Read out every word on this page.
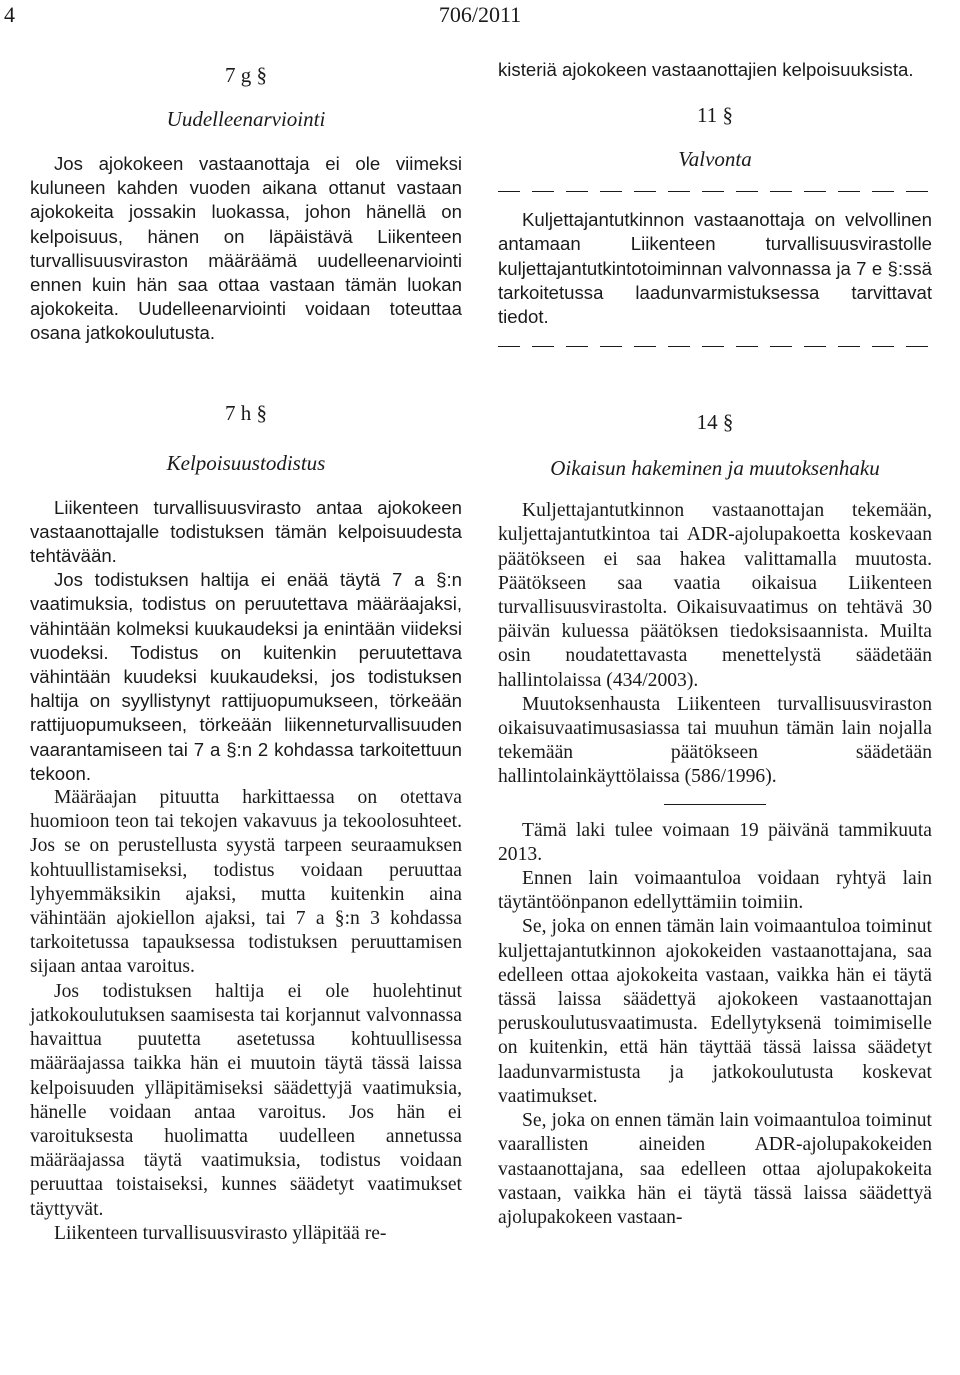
4	706/2011
7 g §
Uudelleenarviointi

Jos ajokokeen vastaanottaja ei ole viimeksi kuluneen kahden vuoden aikana ottanut vastaan ajokokeita jossakin luokassa, johon hänellä on kelpoisuus, hänen on läpäistävä Liikenteen turvallisuusviraston määräämä uudelleenarviointi ennen kuin hän saa ottaa vastaan tämän luokan ajokokeita. Uudelleenarviointi voidaan toteuttaa osana jatkokoulutusta.

7 h §
Kelpoisuustodistus

Liikenteen turvallisuusvirasto antaa ajokokeen vastaanottajalle todistuksen tämän kelpoisuudesta tehtävään.

Jos todistuksen haltija ei enää täytä 7 a §:n vaatimuksia, todistus on peruutettava määräajaksi, vähintään kolmeksi kuukaudeksi ja enintään viideksi vuodeksi. Todistus on kuitenkin peruutettava vähintään kuudeksi kuukaudeksi, jos todistuksen haltija on syyllistynyt rattijuopumukseen, törkeään rattijuopumukseen, törkeään liikenneturvallisuuden vaarantamiseen tai 7 a §:n 2 kohdassa tarkoitettuun tekoon.

Määräajan pituutta harkittaessa on otettava huomioon teon tai tekojen vakavuus ja tekoolosuhteet. Jos se on perustellusta syystä tarpeen seuraamuksen kohtuullistamiseksi, todistus voidaan peruuttaa lyhyemmäksikin ajaksi, mutta kuitenkin aina vähintään ajokiellon ajaksi, tai 7 a §:n 3 kohdassa tarkoitetussa tapauksessa todistuksen peruuttamisen sijaan antaa varoitus.

Jos todistuksen haltija ei ole huolehtinut jatkokoulutuksen saamisesta tai korjannut valvonnassa havaittua puutetta asetetussa kohtuullisessa määräajassa taikka hän ei muutoin täytä tässä laissa kelpoisuuden ylläpitämiseksi säädettyjä vaatimuksia, hänelle voidaan antaa varoitus. Jos hän ei varoituksesta huolimatta uudelleen annetussa määräajassa täytä vaatimuksia, todistus voidaan peruuttaa toistaiseksi, kunnes säädetyt vaatimukset täyttyvät.

Liikenteen turvallisuusvirasto ylläpitää re-

kisteriä ajokokeen vastaanottajien kelpoisuuksista.

11 §
Valvonta

Kuljettajantutkinnon vastaanottaja on velvollinen antamaan Liikenteen turvallisuusvirastolle kuljettajantutkintotoiminnan valvonnassa ja 7 e §:ssä tarkoitetussa laadunvarmistuksessa tarvittavat tiedot.

14 §
Oikaisun hakeminen ja muutoksenhaku

Kuljettajantutkinnon vastaanottajan tekemään, kuljettajantutkintoa tai ADR-ajolupakoetta koskevaan päätökseen ei saa hakea valittamalla muutosta. Päätökseen saa vaatia oikaisua Liikenteen turvallisuusvirastolta. Oikaisuvaatimus on tehtävä 30 päivän kuluessa päätöksen tiedoksisaannista. Muilta osin noudatettavasta menettelystä säädetään hallintolaissa (434/2003).

Muutoksenhausta Liikenteen turvallisuusviraston oikaisuvaatimusasiassa tai muuhun tämän lain nojalla tekemään päätökseen säädetään hallintolainkäyttölaissa (586/1996).

Tämä laki tulee voimaan 19 päivänä tammikuuta 2013.

Ennen lain voimaantuloa voidaan ryhtyä lain täytäntöönpanon edellyttämiin toimiin.

Se, joka on ennen tämän lain voimaantuloa toiminut kuljettajantutkinnon ajokokeiden vastaanottajana, saa edelleen ottaa ajokokeita vastaan, vaikka hän ei täytä tässä laissa säädettyä ajokokeen vastaanottajan peruskoulutusvaatimusta. Edellytyksenä toimimiselle on kuitenkin, että hän täyttää tässä laissa säädetyt laadunvarmistusta ja jatkokoulutusta koskevat vaatimukset.

Se, joka on ennen tämän lain voimaantuloa toiminut vaarallisten aineiden ADR-ajolupakokeiden vastaanottajana, saa edelleen ottaa ajolupakokeita vastaan, vaikka hän ei täytä tässä laissa säädettyä ajolupakokeen vastaan-
